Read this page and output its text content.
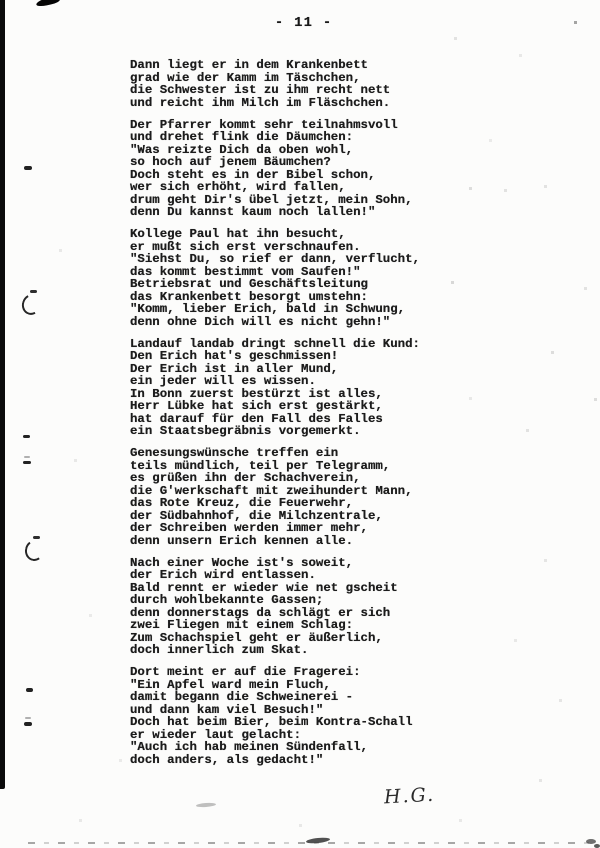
- 11 -
Dann liegt er in dem Krankenbett
grad wie der Kamm im Täschchen,
die Schwester ist zu ihm recht nett
und reicht ihm Milch im Fläschchen.
Der Pfarrer kommt sehr teilnahmsvoll
und drehet flink die Däumchen:
"Was reizte Dich da oben wohl,
so hoch auf jenem Bäumchen?
Doch steht es in der Bibel schon,
wer sich erhöht, wird fallen,
drum geht Dir's übel jetzt, mein Sohn,
denn Du kannst kaum noch lallen!"
Kollege Paul hat ihn besucht,
er mußt sich erst verschnaufen.
"Siehst Du, so rief er dann, verflucht,
das kommt bestimmt vom Saufen!"
Betriebsrat und Geschäftsleitung
das Krankenbett besorgt umstehn:
"Komm, lieber Erich, bald in Schwung,
denn ohne Dich will es nicht gehn!"
Landauf landab dringt schnell die Kund:
Den Erich hat's geschmissen!
Der Erich ist in aller Mund,
ein jeder will es wissen.
In Bonn zuerst bestürzt ist alles,
Herr Lübke hat sich erst gestärkt,
hat darauf für den Fall des Falles
ein Staatsbegräbnis vorgemerkt.
Genesungswünsche treffen ein
teils mündlich, teil per Telegramm,
es grüßen ihn der Schachverein,
die G'werkschaft mit zweihundert Mann,
das Rote Kreuz, die Feuerwehr,
der Südbahnhof, die Milchzentrale,
der Schreiben werden immer mehr,
denn unsern Erich kennen alle.
Nach einer Woche ist's soweit,
der Erich wird entlassen.
Bald rennt er wieder wie net gscheit
durch wohlbekannte Gassen;
denn donnerstags da schlägt er sich
zwei Fliegen mit einem Schlag:
Zum Schachspiel geht er äußerlich,
doch innerlich zum Skat.
Dort meint er auf die Fragerei:
"Ein Apfel ward mein Fluch,
damit begann die Schweinerei -
und dann kam viel Besuch!"
Doch hat beim Bier, beim Kontra-Schall
er wieder laut gelacht:
"Auch ich hab meinen Sündenfall,
doch anders, als gedacht!"
H.G.
